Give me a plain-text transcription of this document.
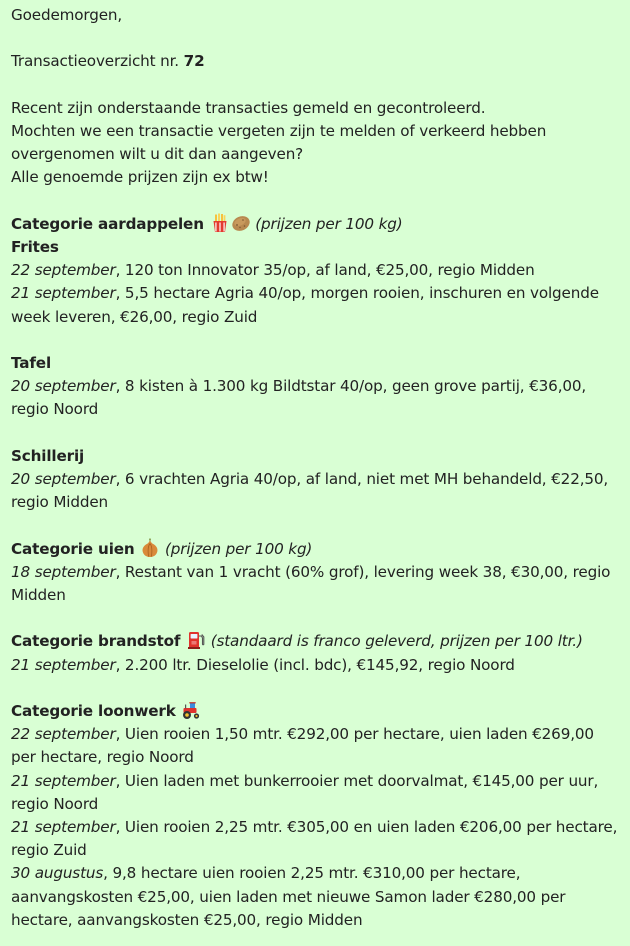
Goedemorgen,

Transactieoverzicht nr. 72

Recent zijn onderstaande transacties gemeld en gecontroleerd.

Mochten we een transactie vergeten zijn te melden of verkeerd hebben overgenomen wilt u dit dan aangeven?

Alle genoemde prijzen zijn ex btw!

Categorie aardappelen	(prijzen per 100 kg)

Frites

22 september, 120 ton Innovator 35/op, af land, €25,00, regio Midden

21 september, 5,5 hectare Agria 40/op, morgen rooien, inschuren en volgende week leveren, €26,00, regio Zuid

Tafel

20 september, 8 kisten à 1.300 kg Bildtstar 40/op, geen grove partij, €36,00, regio Noord

Schillerij

20 september, 6 vrachten Agria 40/op, af land, niet met MH behandeld, €22,50, regio Midden

Categorie uien (prijzen per 100 kg)

18 september, Restant van 1 vracht (60% grof), levering week 38, €30,00, regio Midden

Categorie brandstof (standaard is franco geleverd, prijzen per 100 ltr.)

21 september, 2.200 ltr. Dieselolie (incl. bdc), €145,92, regio Noord

Categorie loonwerk

22 september, Uien rooien 1,50 mtr. €292,00 per hectare, uien laden €269,00 per hectare, regio Noord

21 september, Uien laden met bunkerrooier met doorvalmat, €145,00 per uur, regio Noord

21 september, Uien rooien 2,25 mtr. €305,00 en uien laden €206,00 per hectare, regio Zuid

30 augustus, 9,8 hectare uien rooien 2,25 mtr. €310,00 per hectare, aanvangskosten €25,00, uien laden met nieuwe Samon lader €280,00 per hectare, aanvangskosten €25,00, regio Midden
